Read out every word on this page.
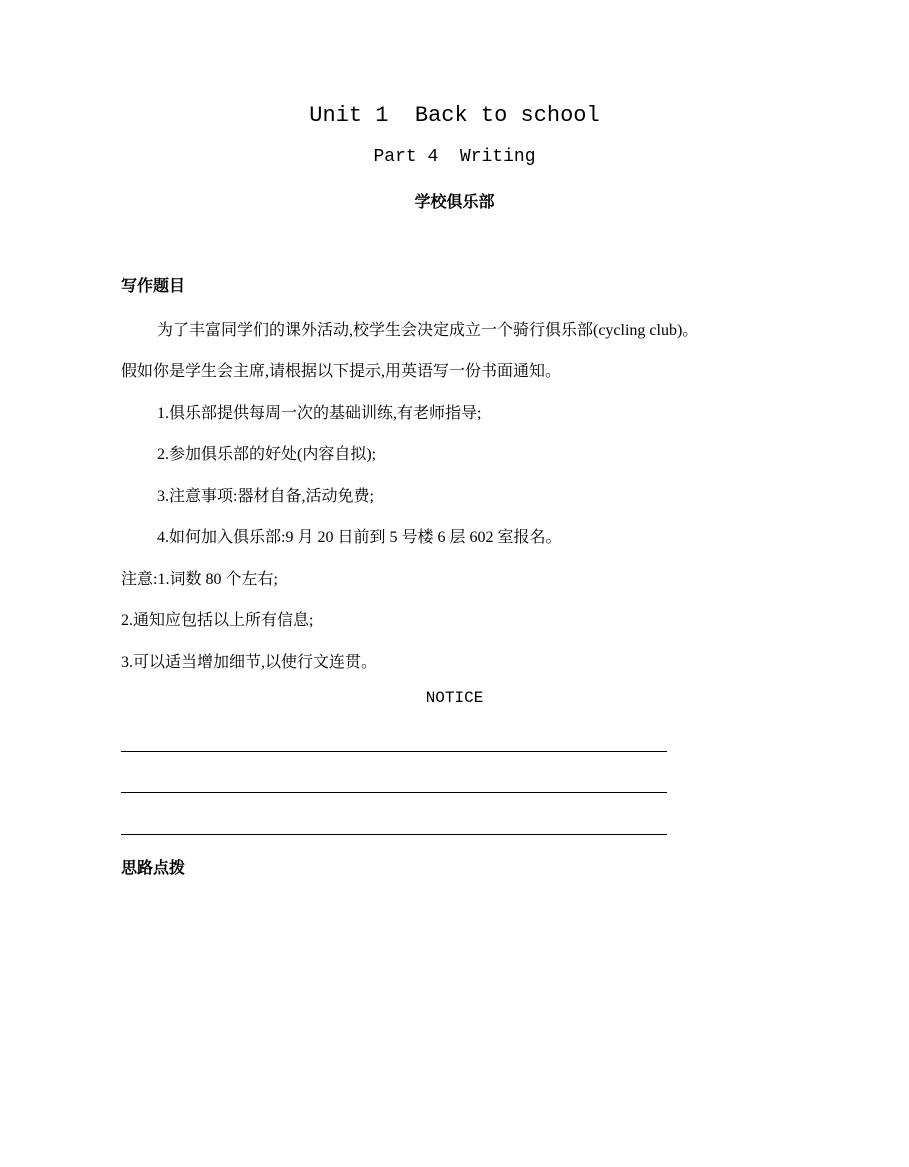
Unit 1  Back to school
Part 4  Writing
学校俱乐部
写作题目
为了丰富同学们的课外活动,校学生会决定成立一个骑行俱乐部(cycling club)。
假如你是学生会主席,请根据以下提示,用英语写一份书面通知。
1.俱乐部提供每周一次的基础训练,有老师指导;
2.参加俱乐部的好处(内容自拟);
3.注意事项:器材自备,活动免费;
4.如何加入俱乐部:9 月 20 日前到 5 号楼 6 层 602 室报名。
注意:1.词数 80 个左右;
2.通知应包括以上所有信息;
3.可以适当增加细节,以使行文连贯。
NOTICE
思路点拨
